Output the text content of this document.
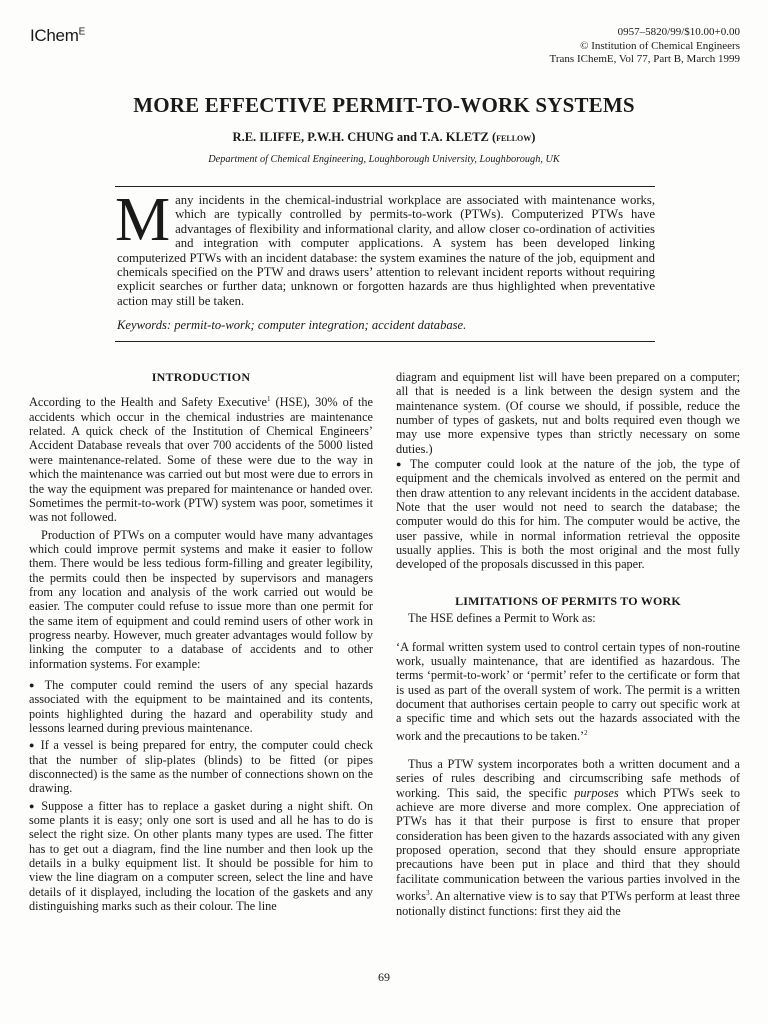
IChem$^E$	0957–5820/99/$10.00+0.00
© Institution of Chemical Engineers
Trans IChemE, Vol 77, Part B, March 1999
MORE EFFECTIVE PERMIT-TO-WORK SYSTEMS
R.E. ILIFFE, P.W.H. CHUNG and T.A. KLETZ (fellow)
Department of Chemical Engineering, Loughborough University, Loughborough, UK
Many incidents in the chemical-industrial workplace are associated with maintenance works, which are typically controlled by permits-to-work (PTWs). Computerized PTWs have advantages of flexibility and informational clarity, and allow closer co-ordination of activities and integration with computer applications. A system has been developed linking computerized PTWs with an incident database: the system examines the nature of the job, equipment and chemicals specified on the PTW and draws users’ attention to relevant incident reports without requiring explicit searches or further data; unknown or forgotten hazards are thus highlighted when preventative action may still be taken.
Keywords: permit-to-work; computer integration; accident database.

INTRODUCTION

According to the Health and Safety Executive$^1$ (HSE), 30% of the accidents which occur in the chemical industries are maintenance related. A quick check of the Institution of Chemical Engineers’ Accident Database reveals that over 700 accidents of the 5000 listed were maintenance-related. Some of these were due to the way in which the maintenance was carried out but most were due to errors in the way the equipment was prepared for maintenance or handed over. Sometimes the permit-to-work (PTW) system was poor, sometimes it was not followed.

Production of PTWs on a computer would have many advantages which could improve permit systems and make it easier to follow them. There would be less tedious form-filling and greater legibility, the permits could then be inspected by supervisors and managers from any location and analysis of the work carried out would be easier. The computer could refuse to issue more than one permit for the same item of equipment and could remind users of other work in progress nearby. However, much greater advantages would follow by linking the computer to a database of accidents and to other information systems. For example:

● The computer could remind the users of any special hazards associated with the equipment to be maintained and its contents, points highlighted during the hazard and operability study and lessons learned during previous maintenance.

● If a vessel is being prepared for entry, the computer could check that the number of slip-plates (blinds) to be fitted (or pipes disconnected) is the same as the number of connections shown on the drawing.

● Suppose a fitter has to replace a gasket during a night shift. On some plants it is easy; only one sort is used and all he has to do is select the right size. On other plants many types are used. The fitter has to get out a diagram, find the line number and then look up the details in a bulky equipment list. It should be possible for him to view the line diagram on a computer screen, select the line and have details of it displayed, including the location of the gaskets and any distinguishing marks such as their colour. The line

diagram and equipment list will have been prepared on a computer; all that is needed is a link between the design system and the maintenance system. (Of course we should, if possible, reduce the number of types of gaskets, nut and bolts required even though we may use more expensive types than strictly necessary on some duties.)

● The computer could look at the nature of the job, the type of equipment and the chemicals involved as entered on the permit and then draw attention to any relevant incidents in the accident database. Note that the user would not need to search the database; the computer would do this for him. The computer would be active, the user passive, while in normal information retrieval the opposite usually applies. This is both the most original and the most fully developed of the proposals discussed in this paper.

LIMITATIONS OF PERMITS TO WORK

The HSE defines a Permit to Work as:

‘A formal written system used to control certain types of non-routine work, usually maintenance, that are identified as hazardous. The terms ‘permit-to-work’ or ‘permit’ refer to the certificate or form that is used as part of the overall system of work. The permit is a written document that authorises certain people to carry out specific work at a specific time and which sets out the hazards associated with the work and the precautions to be taken.’$^2$

Thus a PTW system incorporates both a written document and a series of rules describing and circumscribing safe methods of working. This said, the specific purposes which PTWs seek to achieve are more diverse and more complex. One appreciation of PTWs has it that their purpose is first to ensure that proper consideration has been given to the hazards associated with any given proposed operation, second that they should ensure appropriate precautions have been put in place and third that they should facilitate communication between the various parties involved in the works$^3$. An alternative view is to say that PTWs perform at least three notionally distinct functions: first they aid the

69
